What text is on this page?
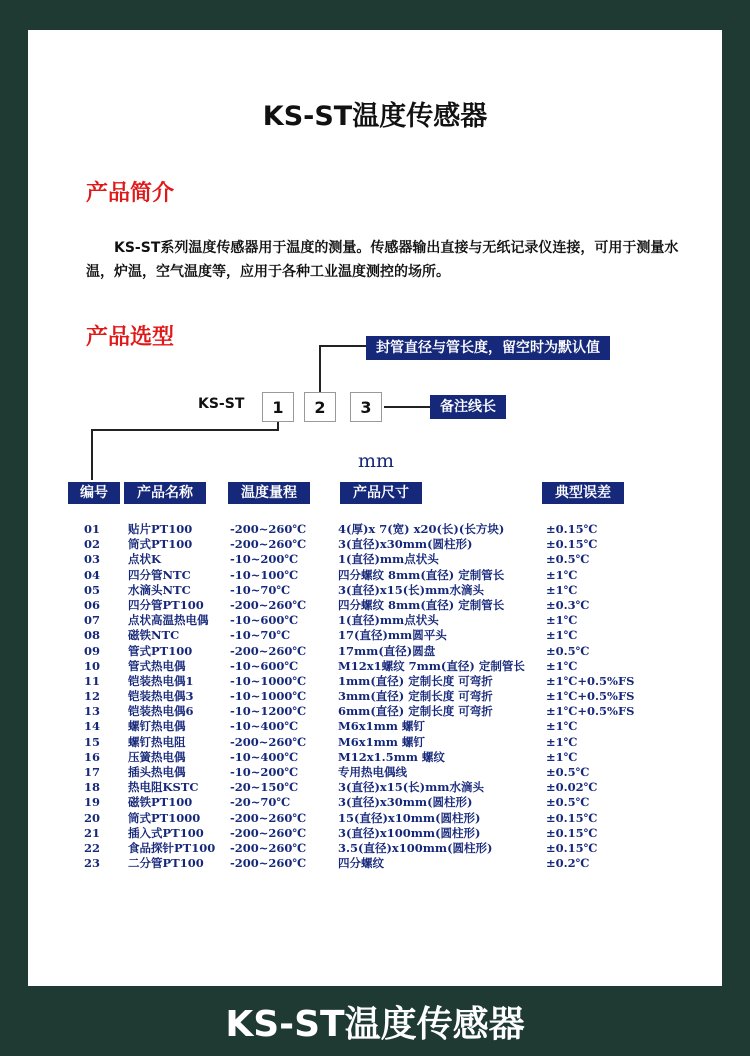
KS-ST温度传感器
产品简介

KS-ST系列温度传感器用于温度的测量。传感器输出直接与无纸记录仪连接，可用于测量水温，炉温，空气温度等，应用于各种工业温度测控的场所。

产品选型
KS-ST	1	2	3
封管直径与管长度，留空时为默认值
备注线长
mm
编号	产品名称	温度量程	产品尺寸	典型误差
01 贴片PT100	-200~260℃	4(厚)x 7(宽) x20(长)(长方块)	±0.15℃
02 筒式PT100	-200~260℃	3(直径)x30mm(圆柱形)	±0.15℃
03 点状K	-10~200℃	1(直径)mm点状头	±0.5℃
04 四分管NTC	-10~100℃	四分螺纹 8mm(直径) 定制管长	±1℃
05 水滴头NTC	-10~70℃	3(直径)x15(长)mm水滴头	±1℃
06 四分管PT100 -200~260℃	四分螺纹 8mm(直径) 定制管长	±0.3℃
07 点状高温热电偶 -10~600℃	1(直径)mm点状头	±1℃
08 磁铁NTC	-10~70℃	17(直径)mm圆平头	±1℃
09 管式PT100	-200~260℃	17mm(直径)圆盘	±0.5℃
10 管式热电偶	-10~600℃	M12x1螺纹 7mm(直径) 定制管长 ±1℃
11 铠装热电偶1	-10~1000℃	1mm(直径) 定制长度 可弯折	±1℃+0.5%FS
12 铠装热电偶3	-10~1000℃	3mm(直径) 定制长度 可弯折	±1℃+0.5%FS
13 铠装热电偶6	-10~1200℃	6mm(直径) 定制长度 可弯折	±1℃+0.5%FS
14 螺钉热电偶	-10~400℃	M6x1mm 螺钉	±1℃
15 螺钉热电阻	-200~260℃	M6x1mm 螺钉	±1℃
16 压簧热电偶	-10~400℃	M12x1.5mm 螺纹	±1℃
17 插头热电偶	-10~200℃	专用热电偶线	±0.5℃
18 热电阻KSTC	-20~150℃	3(直径)x15(长)mm水滴头	±0.02℃
19 磁铁PT100	-20~70℃	3(直径)x30mm(圆柱形)	±0.5℃
20 筒式PT1000	-200~260℃	15(直径)x10mm(圆柱形)	±0.15℃
21 插入式PT100 -200~260℃	3(直径)x100mm(圆柱形)	±0.15℃
22 食品探针PT100 -200~260℃	3.5(直径)x100mm(圆柱形)	±0.15℃
23 二分管PT100 -200~260℃	四分螺纹	±0.2℃
KS-ST温度传感器
